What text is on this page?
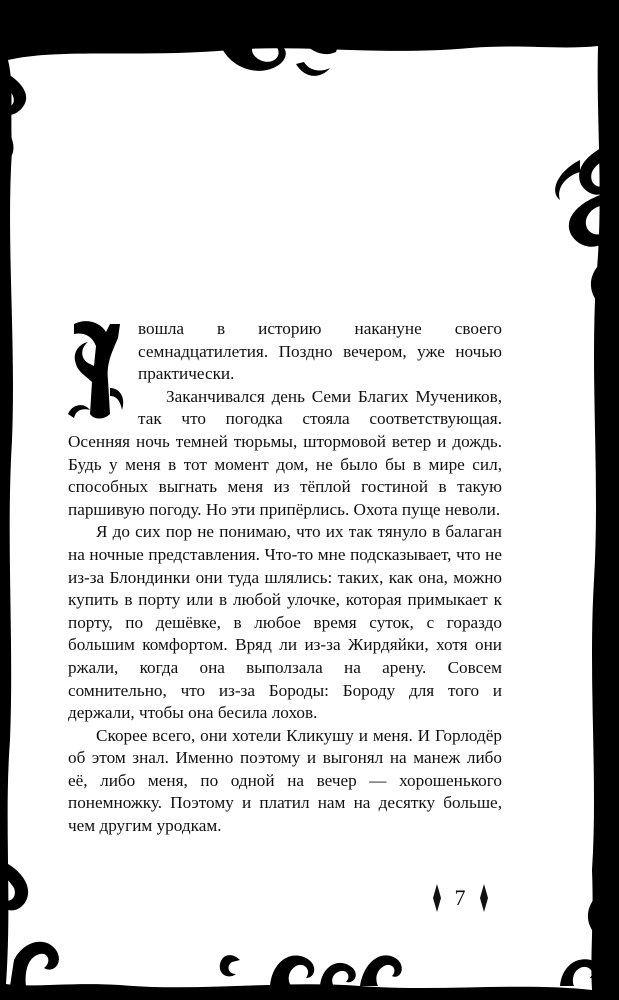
вошла в историю накануне своего семнадцатилетия. Поздно вечером, уже ночью практически.

Заканчивался день Семи Благих Мучеников, так что погодка стояла соответствующая. Осенняя ночь темней тюрьмы, штормовой ветер и дождь. Будь у меня в тот момент дом, не было бы в мире сил, способных выгнать меня из тёплой гостиной в такую паршивую погоду. Но эти припёрлись. Охота пуще неволи.

Я до сих пор не понимаю, что их так тянуло в балаган на ночные представления. Что-то мне подсказывает, что не из-за Блондинки они туда шлялись: таких, как она, можно купить в порту или в любой улочке, которая примыкает к порту, по дешёвке, в любое время суток, с гораздо большим комфортом. Вряд ли из-за Жирдяйки, хотя они ржали, когда она выползала на арену. Совсем сомнительно, что из-за Бороды: Бороду для того и держали, чтобы она бесила лохов.

Скорее всего, они хотели Кликушу и меня. И Горлодёр об этом знал. Именно поэтому и выгонял на манеж либо её, либо меня, по одной на вечер — хорошенького понемножку. Поэтому и платил нам на десятку больше, чем другим уродкам.

7
